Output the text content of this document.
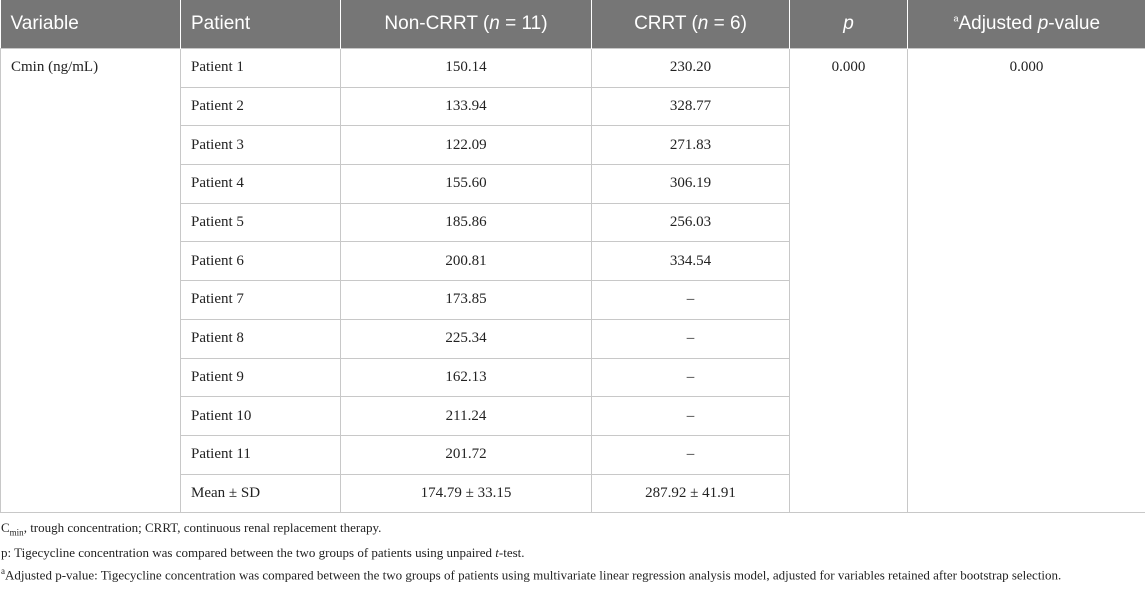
Variable	Patient	Non-CRRT (n = 11)	CRRT (n = 6)	p	$^a$Adjusted p-value
Cmin (ng/mL)	Patient 1	150.14	230.20	0.000	0.000
	Patient 2	133.94	328.77		
	Patient 3	122.09	271.83		
	Patient 4	155.60	306.19		
	Patient 5	185.86	256.03		
	Patient 6	200.81	334.54		
	Patient 7	173.85	–		
	Patient 8	225.34	–		
	Patient 9	162.13	–		
	Patient 10	211.24	–		
	Patient 11	201.72	–		
	Mean ± SD	174.79 ± 33.15	287.92 ± 41.91		

$C_{min}$, trough concentration; CRRT, continuous renal replacement therapy.

p: Tigecycline concentration was compared between the two groups of patients using unpaired t-test.

$^a$Adjusted p-value: Tigecycline concentration was compared between the two groups of patients using multivariate linear regression analysis model, adjusted for variables retained after bootstrap selection.
